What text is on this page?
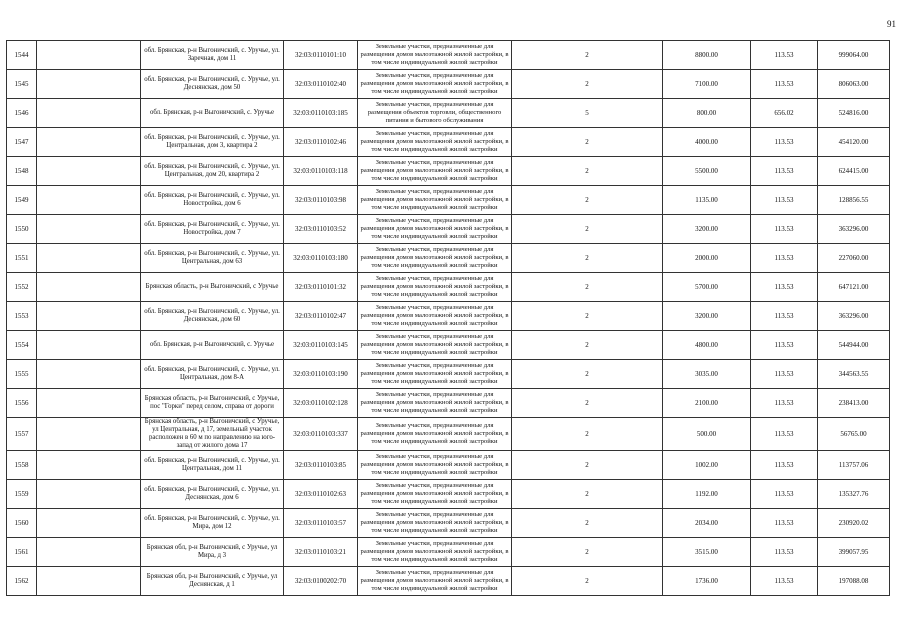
91
1544		обл. Брянская, р-н Выгоничский, с. Уручье, ул. Заречная, дом 11	32:03:0110101:10	Земельные участки, предназначенные для размещения домов малоэтажной жилой застройки, в том числе индивидуальной жилой застройки	2	8800.00	113.53	999064.00
1545		обл. Брянская, р-н Выгоничский, с. Уручье, ул. Деснянская, дом 50	32:03:0110102:40	Земельные участки, предназначенные для размещения домов малоэтажной жилой застройки, в том числе индивидуальной жилой застройки	2	7100.00	113.53	806063.00
1546		обл. Брянская, р-н Выгоничский, с. Уручье	32:03:0110103:185	Земельные участки, предназначенные для размещения объектов торговли, общественного питания и бытового обслуживания	5	800.00	656.02	524816.00
1547		обл. Брянская, р-н Выгоничский, с. Уручье, ул. Центральная, дом 3, квартира 2	32:03:0110102:46	Земельные участки, предназначенные для размещения домов малоэтажной жилой застройки, в том числе индивидуальной жилой застройки	2	4000.00	113.53	454120.00
1548		обл. Брянская, р-н Выгоничский, с. Уручье, ул. Центральная, дом 20, квартира 2	32:03:0110103:118	Земельные участки, предназначенные для размещения домов малоэтажной жилой застройки, в том числе индивидуальной жилой застройки	2	5500.00	113.53	624415.00
1549		обл. Брянская, р-н Выгоничский, с. Уручье, ул. Новостройка, дом 6	32:03:0110103:98	Земельные участки, предназначенные для размещения домов малоэтажной жилой застройки, в том числе индивидуальной жилой застройки	2	1135.00	113.53	128856.55
1550		обл. Брянская, р-н Выгоничский, с. Уручье, ул. Новостройка, дом 7	32:03:0110103:52	Земельные участки, предназначенные для размещения домов малоэтажной жилой застройки, в том числе индивидуальной жилой застройки	2	3200.00	113.53	363296.00
1551		обл. Брянская, р-н Выгоничский, с. Уручье, ул. Центральная, дом 63	32:03:0110103:180	Земельные участки, предназначенные для размещения домов малоэтажной жилой застройки, в том числе индивидуальной жилой застройки	2	2000.00	113.53	227060.00
1552		Брянская область, р-н Выгоничский, с Уручье	32:03:0110101:32	Земельные участки, предназначенные для размещения домов малоэтажной жилой застройки, в том числе индивидуальной жилой застройки	2	5700.00	113.53	647121.00
1553		обл. Брянская, р-н Выгоничский, с. Уручье, ул. Деснянская, дом 60	32:03:0110102:47	Земельные участки, предназначенные для размещения домов малоэтажной жилой застройки, в том числе индивидуальной жилой застройки	2	3200.00	113.53	363296.00
1554		обл. Брянская, р-н Выгоничский, с. Уручье	32:03:0110103:145	Земельные участки, предназначенные для размещения домов малоэтажной жилой застройки, в том числе индивидуальной жилой застройки	2	4800.00	113.53	544944.00
1555		обл. Брянская, р-н Выгоничский, с. Уручье, ул. Центральная, дом 8-А	32:03:0110103:190	Земельные участки, предназначенные для размещения домов малоэтажной жилой застройки, в том числе индивидуальной жилой застройки	2	3035.00	113.53	344563.55
1556		Брянская область, р-н Выгоничский, с Уручье, пос "Горки" перед селом, справа от дороги	32:03:0110102:128	Земельные участки, предназначенные для размещения домов малоэтажной жилой застройки, в том числе индивидуальной жилой застройки	2	2100.00	113.53	238413.00
1557		Брянская область, р-н Выгоничский, с Уручье, ул Центральная, д 17, земельный участок расположен в 60 м по направлению на юго-запад от жилого дома 17	32:03:0110103:337	Земельные участки, предназначенные для размещения домов малоэтажной жилой застройки, в том числе индивидуальной жилой застройки	2	500.00	113.53	56765.00
1558		обл. Брянская, р-н Выгоничский, с. Уручье, ул. Центральная, дом 11	32:03:0110103:85	Земельные участки, предназначенные для размещения домов малоэтажной жилой застройки, в том числе индивидуальной жилой застройки	2	1002.00	113.53	113757.06
1559		обл. Брянская, р-н Выгоничский, с. Уручье, ул. Деснянская, дом 6	32:03:0110102:63	Земельные участки, предназначенные для размещения домов малоэтажной жилой застройки, в том числе индивидуальной жилой застройки	2	1192.00	113.53	135327.76
1560		обл. Брянская, р-н Выгоничский, с. Уручье, ул. Мира, дом 12	32:03:0110103:57	Земельные участки, предназначенные для размещения домов малоэтажной жилой застройки, в том числе индивидуальной жилой застройки	2	2034.00	113.53	230920.02
1561		Брянская обл, р-н Выгоничский, с Уручье, ул Мира, д 3	32:03:0110103:21	Земельные участки, предназначенные для размещения домов малоэтажной жилой застройки, в том числе индивидуальной жилой застройки	2	3515.00	113.53	399057.95
1562		Брянская обл, р-н Выгоничский, с Уручье, ул Деснянская, д 1	32:03:0100202:70	Земельные участки, предназначенные для размещения домов малоэтажной жилой застройки, в том числе индивидуальной жилой застройки	2	1736.00	113.53	197088.08
